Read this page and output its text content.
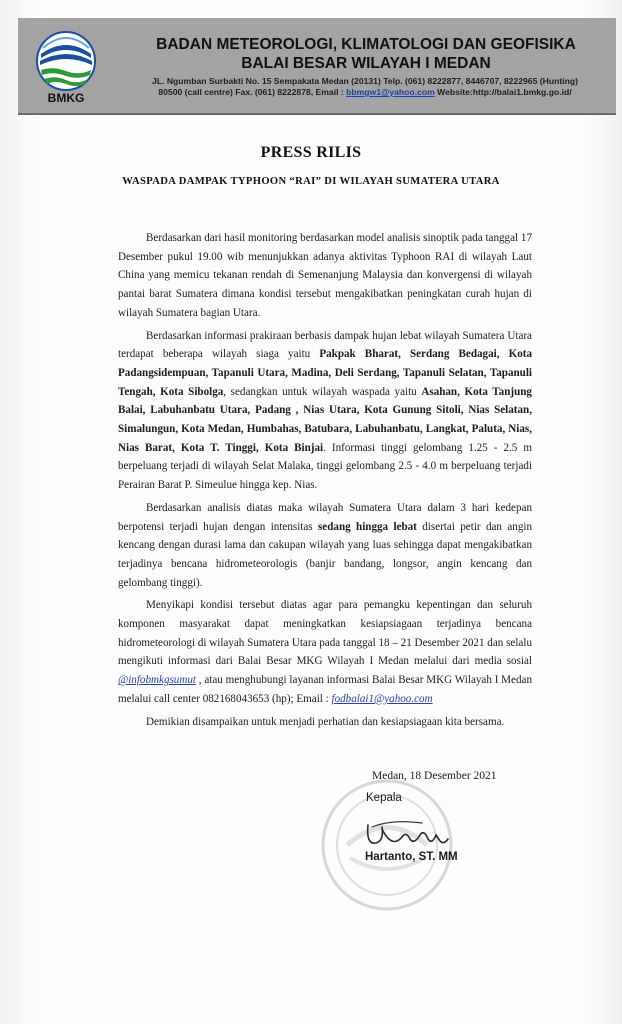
BMKG
BADAN METEOROLOGI, KLIMATOLOGI DAN GEOFISIKA
BALAI BESAR WILAYAH I MEDAN
JL. Ngumban Surbakti No. 15 Sempakata Medan (20131) Telp. (061) 8222877, 8446707, 8222965 (Hunting)
80500 (call centre) Fax. (061) 8222878, Email : bbmgw1@yahoo.com Website:http://balai1.bmkg.go.id/
PRESS RILIS
WASPADA DAMPAK TYPHOON “RAI” DI WILAYAH SUMATERA UTARA

Berdasarkan dari hasil monitoring berdasarkan model analisis sinoptik pada tanggal 17 Desember pukul 19.00 wib menunjukkan adanya aktivitas Typhoon RAI di wilayah Laut China yang memicu tekanan rendah di Semenanjung Malaysia dan konvergensi di wilayah pantai barat Sumatera dimana kondisi tersebut mengakibatkan peningkatan curah hujan di wilayah Sumatera bagian Utara.

Berdasarkan informasi prakiraan berbasis dampak hujan lebat wilayah Sumatera Utara terdapat beberapa wilayah siaga yaitu Pakpak Bharat, Serdang Bedagai, Kota Padangsidempuan, Tapanuli Utara, Madina, Deli Serdang, Tapanuli Selatan, Tapanuli Tengah, Kota Sibolga, sedangkan untuk wilayah waspada yaitu Asahan, Kota Tanjung Balai, Labuhanbatu Utara, Padang , Nias Utara, Kota Gunung Sitoli, Nias Selatan, Simalungun, Kota Medan, Humbahas, Batubara, Labuhanbatu, Langkat, Paluta, Nias, Nias Barat, Kota T. Tinggi, Kota Binjai. Informasi tinggi gelombang 1.25 - 2.5 m berpeluang terjadi di wilayah Selat Malaka, tinggi gelombang 2.5 - 4.0 m berpeluang terjadi Perairan Barat P. Simeulue hingga kep. Nias.

Berdasarkan analisis diatas maka wilayah Sumatera Utara dalam 3 hari kedepan berpotensi terjadi hujan dengan intensitas sedang hingga lebat disertai petir dan angin kencang dengan durasi lama dan cakupan wilayah yang luas sehingga dapat mengakibatkan terjadinya bencana hidrometeorologis (banjir bandang, longsor, angin kencang dan gelombang tinggi).

Menyikapi kondisi tersebut diatas agar para pemangku kepentingan dan seluruh komponen masyarakat dapat meningkatkan kesiapsiagaan terjadinya bencana hidrometeorologi di wilayah Sumatera Utara pada tanggal 18 – 21 Desember 2021 dan selalu mengikuti informasi dari Balai Besar MKG Wilayah I Medan melalui dari media sosial @infobmkgsumut , atau menghubungi layanan informasi Balai Besar MKG Wilayah I Medan melalui call center 082168043653 (hp); Email : fodbalai1@yahoo.com

Demikian disampaikan untuk menjadi perhatian dan kesiapsiagaan kita bersama.

Medan, 18 Desember 2021
Kepala
Hartanto, ST. MM
